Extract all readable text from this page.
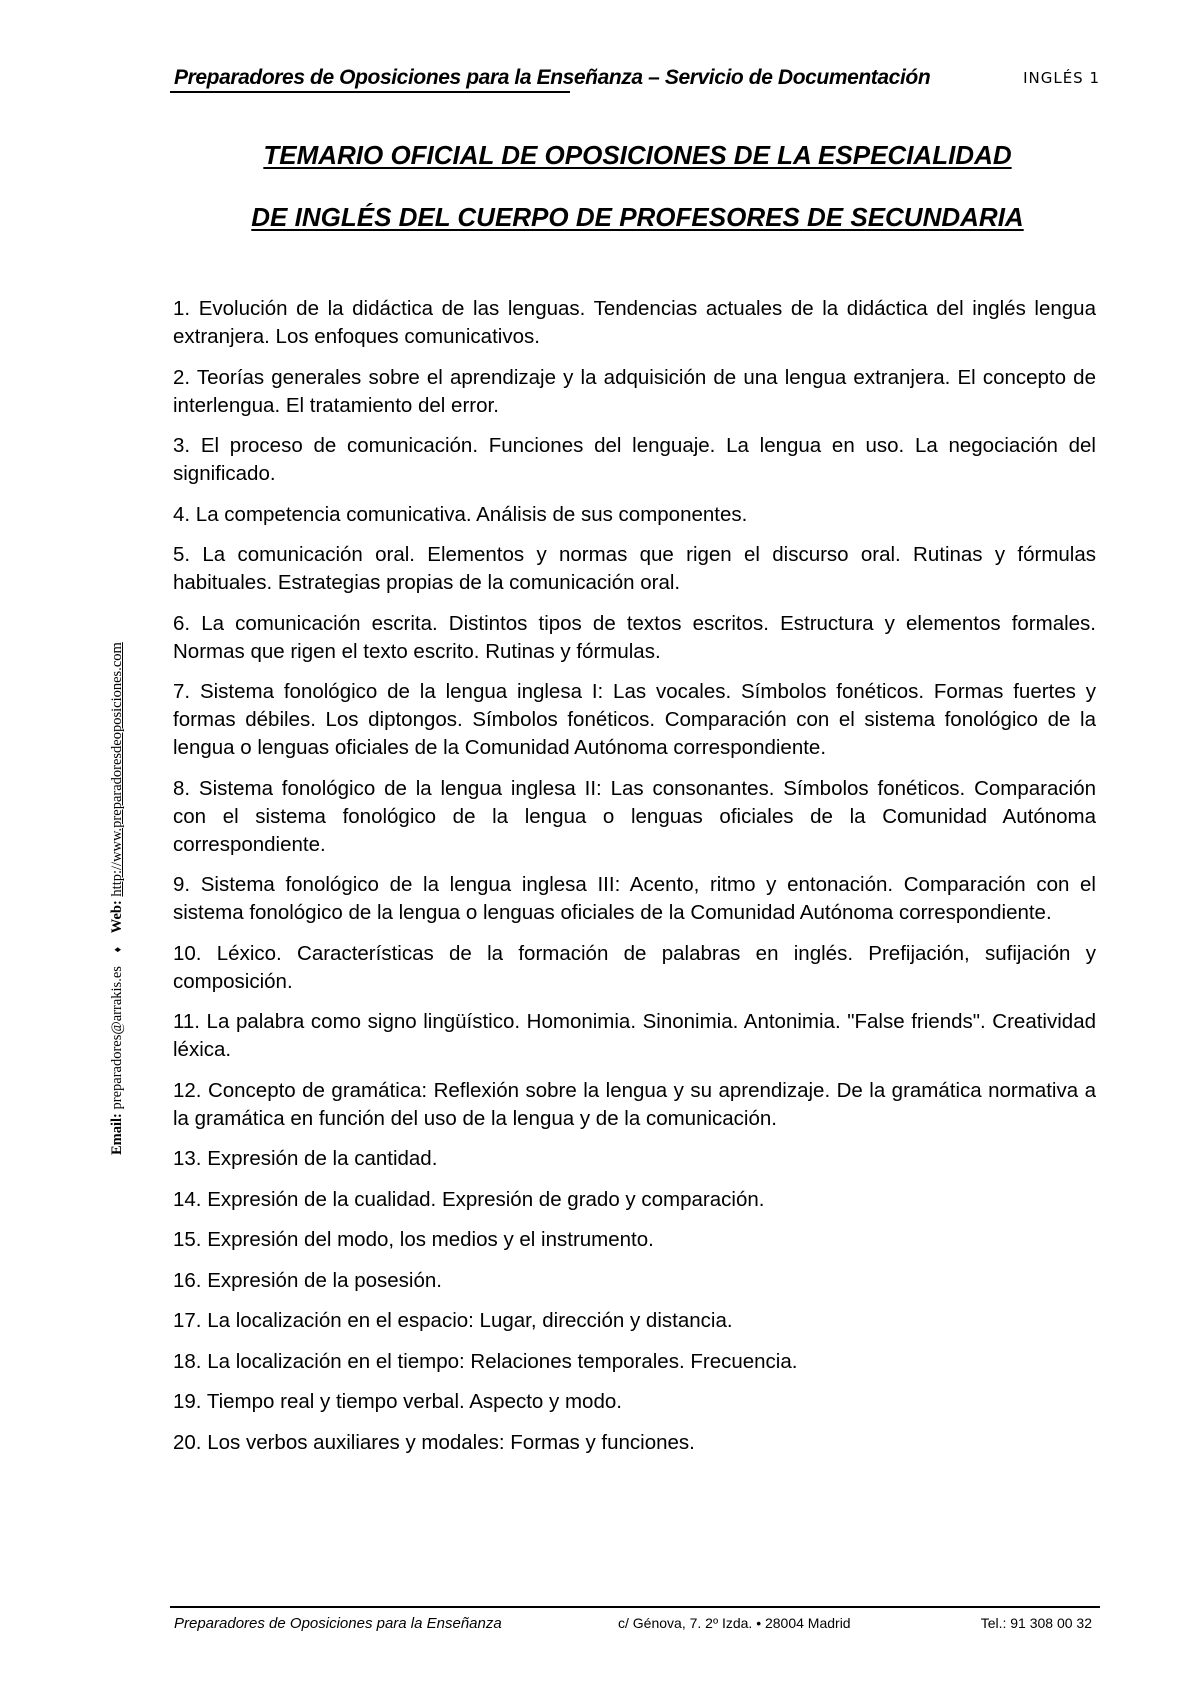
Preparadores de Oposiciones para la Enseñanza – Servicio de Documentación	INGLÉS 1

TEMARIO OFICIAL DE OPOSICIONES DE LA ESPECIALIDAD

DE INGLÉS DEL CUERPO DE PROFESORES DE SECUNDARIA

1. Evolución de la didáctica de las lenguas. Tendencias actuales de la didáctica del inglés lengua extranjera. Los enfoques comunicativos.
2. Teorías generales sobre el aprendizaje y la adquisición de una lengua extranjera. El concepto de interlengua. El tratamiento del error.
3. El proceso de comunicación. Funciones del lenguaje. La lengua en uso. La negociación del significado.
4. La competencia comunicativa. Análisis de sus componentes.
5. La comunicación oral. Elementos y normas que rigen el discurso oral. Rutinas y fórmulas habituales. Estrategias propias de la comunicación oral.
6. La comunicación escrita. Distintos tipos de textos escritos. Estructura y elementos formales. Normas que rigen el texto escrito. Rutinas y fórmulas.
7. Sistema fonológico de la lengua inglesa I: Las vocales. Símbolos fonéticos. Formas fuertes y formas débiles. Los diptongos. Símbolos fonéticos. Comparación con el sistema fonológico de la lengua o lenguas oficiales de la Comunidad Autónoma correspondiente.
8. Sistema fonológico de la lengua inglesa II: Las consonantes. Símbolos fonéticos. Comparación con el sistema fonológico de la lengua o lenguas oficiales de la Comunidad Autónoma correspondiente.
9. Sistema fonológico de la lengua inglesa III: Acento, ritmo y entonación. Comparación con el sistema fonológico de la lengua o lenguas oficiales de la Comunidad Autónoma correspondiente.
10. Léxico. Características de la formación de palabras en inglés. Prefijación, sufijación y composición.
11. La palabra como signo lingüístico. Homonimia. Sinonimia. Antonimia. "False friends". Creatividad léxica.
12. Concepto de gramática: Reflexión sobre la lengua y su aprendizaje. De la gramática normativa a la gramática en función del uso de la lengua y de la comunicación.
13. Expresión de la cantidad.
14. Expresión de la cualidad. Expresión de grado y comparación.
15. Expresión del modo, los medios y el instrumento.
16. Expresión de la posesión.
17. La localización en el espacio: Lugar, dirección y distancia.
18. La localización en el tiempo: Relaciones temporales. Frecuencia.
19. Tiempo real y tiempo verbal. Aspecto y modo.
20. Los verbos auxiliares y modales: Formas y funciones.
Email: preparadores@arrakis.es ♦ Web: http://www.preparadoresdeoposiciones.com
Preparadores de Oposiciones para la Enseñanza	c/ Génova, 7. 2º Izda. • 28004 Madrid	Tel.: 91 308 00 32
